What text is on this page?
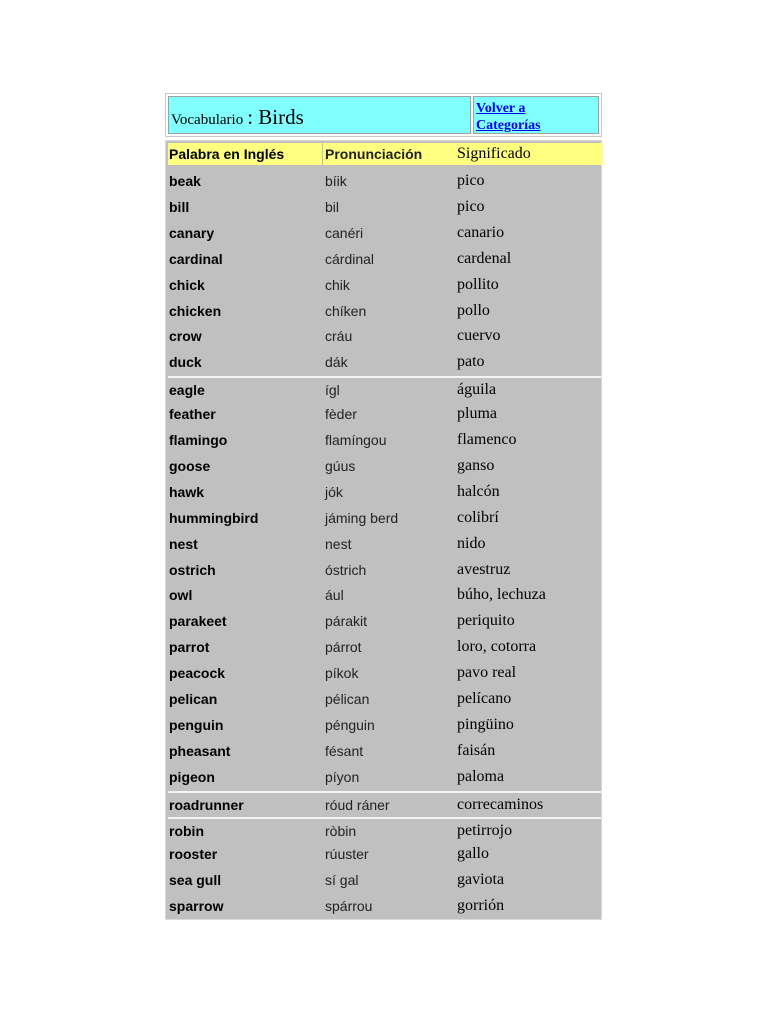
Vocabulario : Birds	Volver a
Categorías
Palabra en Inglés	Pronunciación	Significado
beak	bíik	pico
bill	bil	pico
canary	canéri	canario
cardinal	cárdinal	cardenal
chick	chik	pollito
chicken	chíken	pollo
crow	cráu	cuervo
duck	dák	pato
eagle	ígl	águila
feather	fèder	pluma
flamingo	flamíngou	flamenco
goose	gúus	ganso
hawk	jók	halcón
hummingbird	jáming berd	colibrí
nest	nest	nido
ostrich	óstrich	avestruz
owl	ául	búho, lechuza
parakeet	párakit	periquito
parrot	párrot	loro, cotorra
peacock	píkok	pavo real
pelican	pélican	pelícano
penguin	pénguin	pingüino
pheasant	fésant	faisán
pigeon	píyon	paloma
roadrunner	róud ráner	correcaminos
robin	ròbin	petirrojo
rooster	rúuster	gallo
sea gull	sí gal	gaviota
sparrow	spárrou	gorrión
